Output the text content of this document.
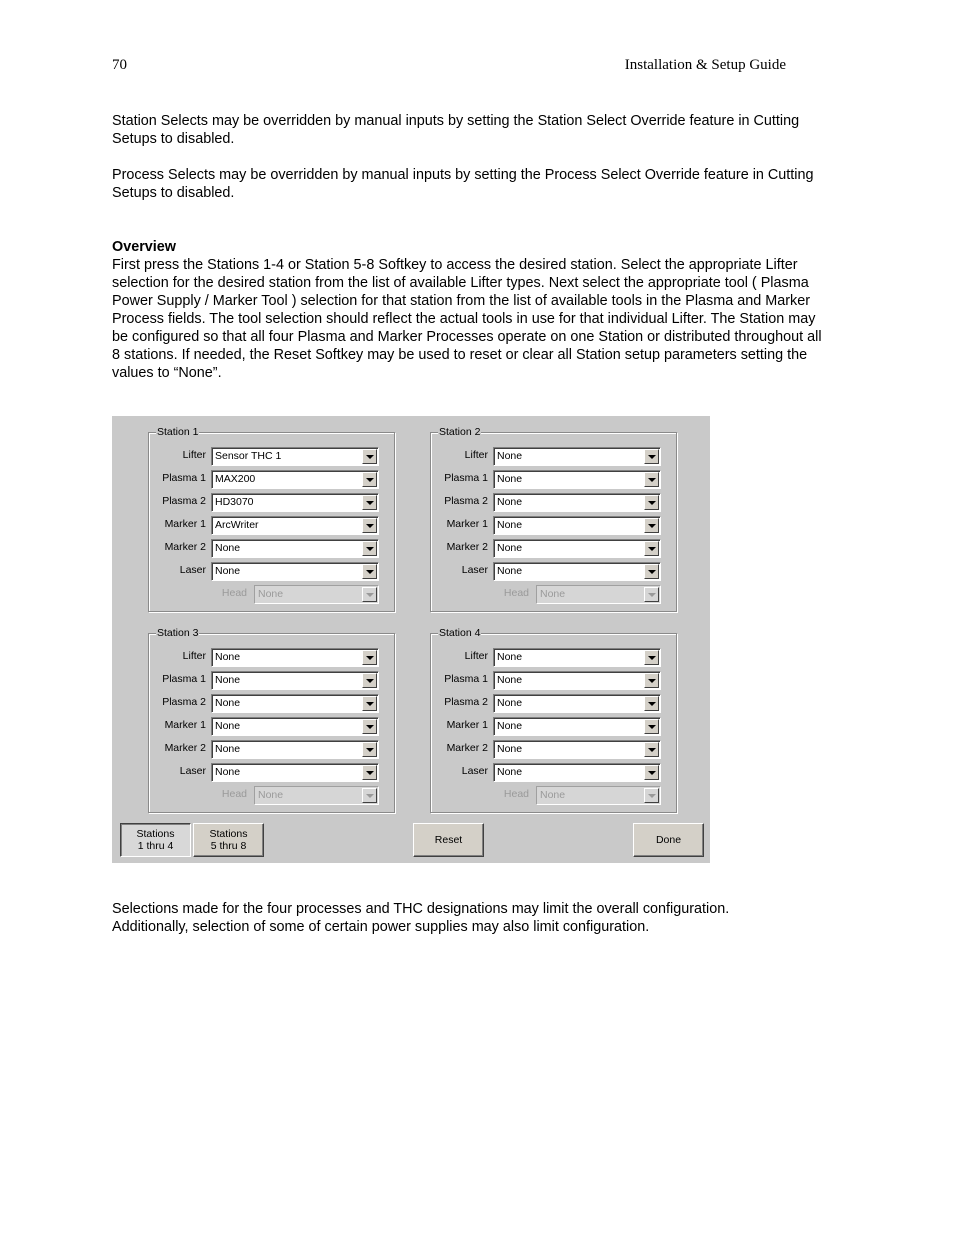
70	Installation & Setup Guide

Station Selects may be overridden by manual inputs by setting the Station Select Override feature in Cutting Setups to disabled.

Process Selects may be overridden by manual inputs by setting the Process Select Override feature in Cutting Setups to disabled.

Overview

First press the Stations 1-4 or Station 5-8 Softkey to access the desired station. Select the appropriate Lifter selection for the desired station from the list of available Lifter types. Next select the appropriate tool ( Plasma Power Supply / Marker Tool ) selection for that station from the list of available tools in the Plasma and Marker Process fields. The tool selection should reflect the actual tools in use for that individual Lifter. The Station may be configured so that all four Plasma and Marker Processes operate on one Station or distributed throughout all 8 stations. If needed, the Reset Softkey may be used to reset or clear all Station setup parameters setting the values to “None”.

Selections made for the four processes and THC designations may limit the overall configuration. Additionally, selection of some of certain power supplies may also limit configuration.

Station 1
Lifter Sensor THC 1
Plasma 1 MAX200
Plasma 2 HD3070
Marker 1 ArcWriter
Marker 2 None
Laser None
Head None
Station 2
Lifter None
Plasma 1 None
Plasma 2 None
Marker 1 None
Marker 2 None
Laser None
Head None
Station 3
Lifter None
Plasma 1 None
Plasma 2 None
Marker 1 None
Marker 2 None
Laser None
Head None
Station 4
Lifter None
Plasma 1 None
Plasma 2 None
Marker 1 None
Marker 2 None
Laser None
Head None
Stations
1 thru 4
Stations
5 thru 8	Reset	Done
